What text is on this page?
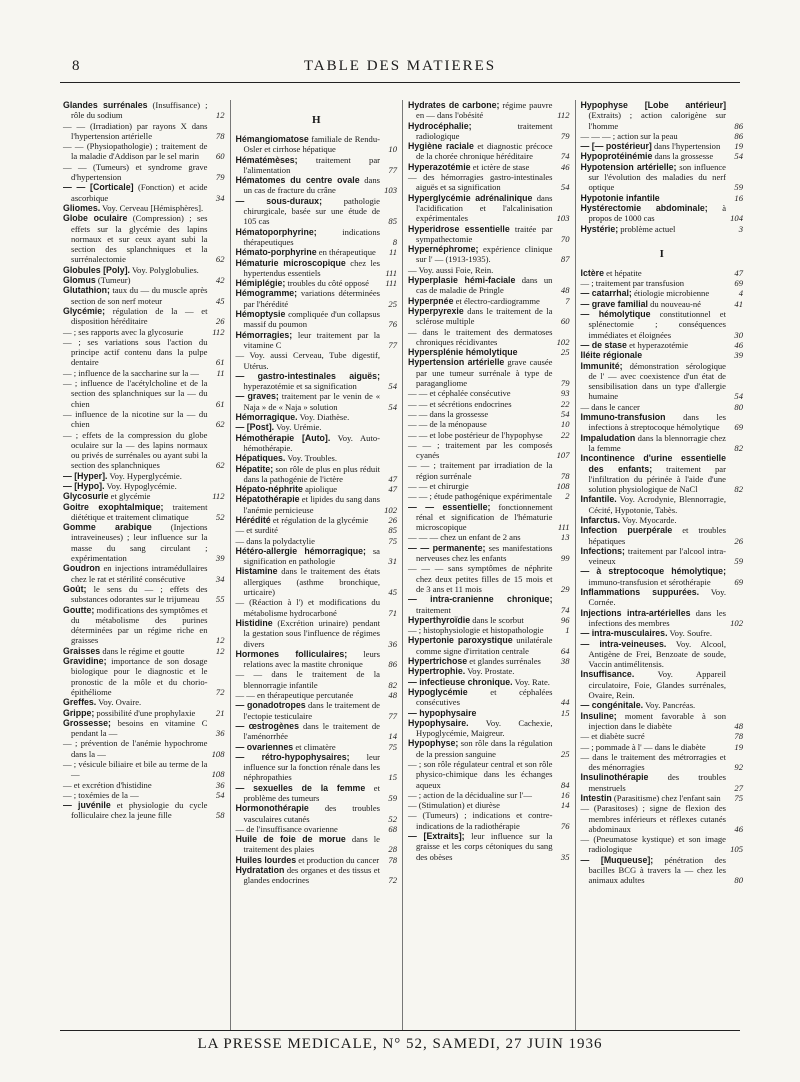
8	TABLE DES MATIERES

Glandes surrénales (Insuffisance) ; rôle du sodium	12

— — (Irradiation) par rayons X dans l'hypertension artérielle	78

— — (Physiopathologie) ; traitement de la maladie d'Addison par le sel marin 60

— — (Tumeurs) et syndrome grave d'hypertension	79

— — [Corticale] (Fonction) et acide ascorbique	34

Gliomes. Voy. Cerveau [Hémisphères].

Globe oculaire (Compression) ; ses effets sur la glycémie des lapins normaux et sur ceux ayant subi la section des splanchniques et la surrénalectomie	62

Globules [Poly]. Voy. Polyglobulies.

Glomus (Tumeur)	42

Glutathion; taux du — du muscle après section de son nerf moteur	45

Glycémie; régulation de la — et disposition héréditaire	26

— ; ses rapports avec la glycosurie	112

— ; ses variations sous l'action du principe actif contenu dans la pulpe dentaire	61

— ; influence de la saccharine sur la — 11

— ; influence de l'acétylcholine et de la section des splanchniques sur la — du chien	61

— influence de la nicotine sur la — du chien	62

— ; effets de la compression du globe oculaire sur la — des lapins normaux ou privés de surrénales ou ayant subi la section des splanchniques	62

— [Hyper]. Voy. Hyperglycémie.

— [Hypo]. Voy. Hypoglycémie.

Glycosurie et glycémie	112

Goitre exophtalmique; traitement diététique et traitement climatique	52

Gomme arabique (Injections intraveineuses) ; leur influence sur la masse du sang circulant ; expérimentation	39

Goudron en injections intramédullaires chez le rat et stérilité consécutive	34

Goût; le sens du — ; effets des substances odorantes sur le trijumeau 55

Goutte; modifications des symptômes et du métabolisme des purines déterminées par un régime riche en graisses	12

Graisses dans le régime et goutte	12

Gravidine; importance de son dosage biologique pour le diagnostic et le pronostic de la môle et du chorio-épithéliome	72

Greffes. Voy. Ovaire.

Grippe; possibilité d'une prophylaxie 21

Grossesse; besoins en vitamine C pendant la —	36

— ; prévention de l'anémie hypochrome dans la —	108

— ; vésicule biliaire et bile au terme de la —	108

— et excrétion d'histidine	36

— ; toxémies de la —	54

— juvénile et physiologie du cycle folliculaire chez la jeune fille	58

H

Hémangiomatose familiale de Rendu-Osler et cirrhose hépatique	10

Hématémèses; traitement par l'alimentation	77

Hématomes du centre ovale dans un cas de fracture du crâne	103

— sous-duraux; pathologie chirurgicale, basée sur une étude de 105 cas	85

Hématoporphyrine; indications thérapeutiques	8

Hémato-porphyrine en thérapeutique 11

Hématurie microscopique chez les hypertendus essentiels	111

Hémiplégie; troubles du côté opposé 111

Hémogramme; variations déterminées par l'hérédité	25

Hémoptysie compliquée d'un collapsus massif du poumon	76

Hémorragies; leur traitement par la vitamine C	77

— Voy. aussi Cerveau, Tube digestif, Utérus.

— gastro-intestinales aiguës; hyperazotémie et sa signification	54

— graves; traitement par le venin de « Naja » de « Naja » solution	54

Hémorragique. Voy. Diathèse.

— [Post]. Voy. Urémie.

Hémothérapie [Auto]. Voy. Auto-hémothérapie.

Hépatiques. Voy. Troubles.

Hépatite; son rôle de plus en plus réduit dans la pathogénie de l'ictère	47

Hépato-néphrite apiolique	47

Hépatothérapie et lipides du sang dans l'anémie pernicieuse	102

Hérédité et régulation de la glycémie 26

— et surdité	85

— dans la polydactylie	75

Hétéro-allergie hémorragique; sa signification en pathologie	31

Histamine dans le traitement des états allergiques (asthme bronchique, urticaire)	45

— (Réaction à l') et modifications du métabolisme hydrocarboné	71

Histidine (Excrétion urinaire) pendant la gestation sous l'influence de régimes divers	36

Hormones folliculaires; leurs relations avec la mastite chronique	86

— — dans le traitement de la blennorragie infantile	82

— — en thérapeutique percutanée	48

— gonadotropes dans le traitement de l'ectopie testiculaire	77

— œstrogènes dans le traitement de l'aménorrhée	14

— ovariennes et climatère	75

— rétro-hypophysaires; leur influence sur la fonction rénale dans les néphropathies	15

— sexuelles de la femme et problème des tumeurs	59

Hormonothérapie des troubles vasculaires cutanés	52

— de l'insuffisance ovarienne	68

Huile de foie de morue dans le traitement des plaies	28

Huiles lourdes et production du cancer 78

Hydratation des organes et des tissus et glandes endocrines	72

Hydrates de carbone; régime pauvre en — dans l'obésité	112

Hydrocéphalie; traitement radiologique	79

Hygiène raciale et diagnostic précoce de la chorée chronique héréditaire	74

Hyperazotémie et ictère de stase	46

— des hémorragies gastro-intestinales aiguës et sa signification	54

Hyperglycémie adrénalinique dans l'acidification et l'alcalinisation expérimentales	103

Hyperidrose essentielle traitée par sympathectomie	70

Hypernéphrome; expérience clinique sur l' — (1913-1935).	87

— Voy. aussi Foie, Rein.

Hyperplasie hémi-faciale dans un cas de maladie de Pringle	48

Hyperpnée et électro-cardiogramme	7

Hyperpyrexie dans le traitement de la sclérose multiple	60

— dans le traitement des dermatoses chroniques récidivantes	102

Hypersplénie hémolytique	25

Hypertension artérielle grave causée par une tumeur surrénale à type de paragangliome	79

— — et céphalée consécutive	93

— — et sécrétions endocrines	22

— — dans la grossesse	54

— — de la ménopause	10

— — et lobe postérieur de l'hypophyse 22

— — ; traitement par les composés cyanés	107

— — ; traitement par irradiation de la région surrénale	78

— — et chirurgie	108

— — ; étude pathogénique expérimentale 2

— — essentielle; fonctionnement rénal et signification de l'hématurie microscopique	111

— — — chez un enfant de 2 ans	13

— — permanente; ses manifestations nerveuses chez les enfants	99

— — — sans symptômes de néphrite chez deux petites filles de 15 mois et de 3 ans et 11 mois	29

— intra-cranienne chronique; traitement	74

Hyperthyroïdie dans le scorbut	96

— ; histophysiologie et histopathologie	1

Hypertonie paroxystique unilatérale comme signe d'irritation centrale	64

Hypertrichose et glandes surrénales 38

Hypertrophie. Voy. Prostate.

— infectieuse chronique. Voy. Rate.

Hypoglycémie et céphalées consécutives	44

— hypophysaire	15

Hypophysaire. Voy. Cachexie, Hypoglycémie, Maigreur.

Hypophyse; son rôle dans la régulation de la pression sanguine	25

— ; son rôle régulateur central et son rôle physico-chimique dans les échanges aqueux	84

— ; action de la décidualine sur l'—	16

— (Stimulation) et diurèse	14

— (Tumeurs) ; indications et contre-indications de la radiothérapie	76

— [Extraits]; leur influence sur la graisse et les corps cétoniques du sang des obèses	35

Hypophyse [Lobe antérieur] (Extraits) ; action calorigène sur l'homme	86

— — — ; action sur la peau	86

— [— postérieur] dans l'hypertension 19

Hypoprotéinémie dans la grossesse 54

Hypotension artérielle; son influence sur l'évolution des maladies du nerf optique	59

Hypotonie infantile	16

Hystérectomie abdominale; à propos de 1000 cas	104

Hystérie; problème actuel	3

I

Ictère et hépatite	47

— ; traitement par transfusion	69

— catarrhal; étiologie microbienne	4

— grave familial du nouveau-né	41

— hémolytique constitutionnel et splénectomie ; conséquences immédiates et éloignées	30

— de stase et hyperazotémie	46

Iléite régionale	39

Immunité; démonstration sérologique de l' — avec coexistence d'un état de sensibilisation dans un type d'allergie humaine	54

— dans le cancer	80

Immuno-transfusion dans les infections à streptocoque hémolytique 69

Impaludation dans la blennorragie chez la femme	82

Incontinence d'urine essentielle des enfants; traitement par l'infiltration du périnée à l'aide d'une solution physiologique de NaCl	82

Infantile. Voy. Acrodynie, Blennorragie, Cécité, Hypotonie, Tabès.

Infarctus. Voy. Myocarde.

Infection puerpérale et troubles hépatiques	26

Infections; traitement par l'alcool intra-veineux	59

— à streptocoque hémolytique; immuno-transfusion et sérothérapie	69

Inflammations suppurées. Voy. Cornée.

Injections intra-artérielles dans les infections des membres	102

— intra-musculaires. Voy. Soufre.

— intra-veineuses. Voy. Alcool, Antigène de Frei, Benzoate de soude, Vaccin antimélitensis.

Insuffisance. Voy. Appareil circulatoire, Foie, Glandes surrénales, Ovaire, Rein.

— congénitale. Voy. Pancréas.

Insuline; moment favorable à son injection dans le diabète	48

— et diabète sucré	78

— ; pommade à l' — dans le diabète	19

— dans le traitement des métrorragies et des ménorragies	92

Insulinothérapie des troubles menstruels	27

Intestin (Parasitisme) chez l'enfant sain 75

— (Parasitoses) ; signe de flexion des membres inférieurs et réflexes cutanés abdominaux	46

— (Pneumatose kystique) et son image radiologique	105

— [Muqueuse]; pénétration des bacilles BCG à travers la — chez les animaux adultes	80

LA PRESSE MEDICALE, N° 52, SAMEDI, 27 JUIN 1936
